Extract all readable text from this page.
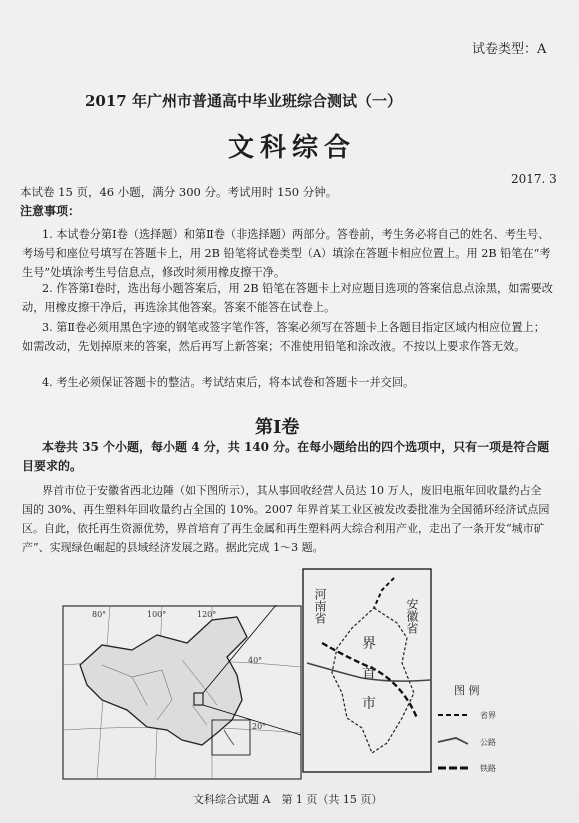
试卷类型：A
2017 年广州市普通高中毕业班综合测试（一）
文科综合
2017. 3
本试卷 15 页，46 小题，满分 300 分。考试用时 150 分钟。
注意事项：
1. 本试卷分第Ⅰ卷（选择题）和第Ⅱ卷（非选择题）两部分。答卷前，考生务必将自己的姓名、考生号、考场号和座位号填写在答题卡上，用 2B 铅笔将试卷类型（A）填涂在答题卡相应位置上。用 2B 铅笔在“考生号”处填涂考生号信息点，修改时须用橡皮擦干净。
2. 作答第Ⅰ卷时，选出每小题答案后，用 2B 铅笔在答题卡上对应题目选项的答案信息点涂黑，如需要改动，用橡皮擦干净后，再选涂其他答案。答案不能答在试卷上。
3. 第Ⅱ卷必须用黑色字迹的钢笔或签字笔作答，答案必须写在答题卡上各题目指定区域内相应位置上；如需改动，先划掉原来的答案，然后再写上新答案；不准使用铅笔和涂改液。不按以上要求作答无效。
4. 考生必须保证答题卡的整洁。考试结束后，将本试卷和答题卡一并交回。
第Ⅰ卷
本卷共 35 个小题，每小题 4 分，共 140 分。在每小题给出的四个选项中，只有一项是符合题目要求的。
界首市位于安徽省西北边陲（如下图所示），其从事回收经营人员达 10 万人，废旧电瓶年回收量约占全国的 30%、再生塑料年回收量约占全国的 10%。2007 年界首某工业区被发改委批准为全国循环经济试点园区。自此，依托再生资源优势，界首培育了再生金属和再生塑料两大综合利用产业，走出了一条开发“城市矿产”、实现绿色崛起的县域经济发展之路。据此完成 1～3 题。
80°	100°	120°
40°
20°
河南省	安徽省
界
首
市
图 例
省界
公路
铁路
文科综合试题 A　第 1 页（共 15 页）
